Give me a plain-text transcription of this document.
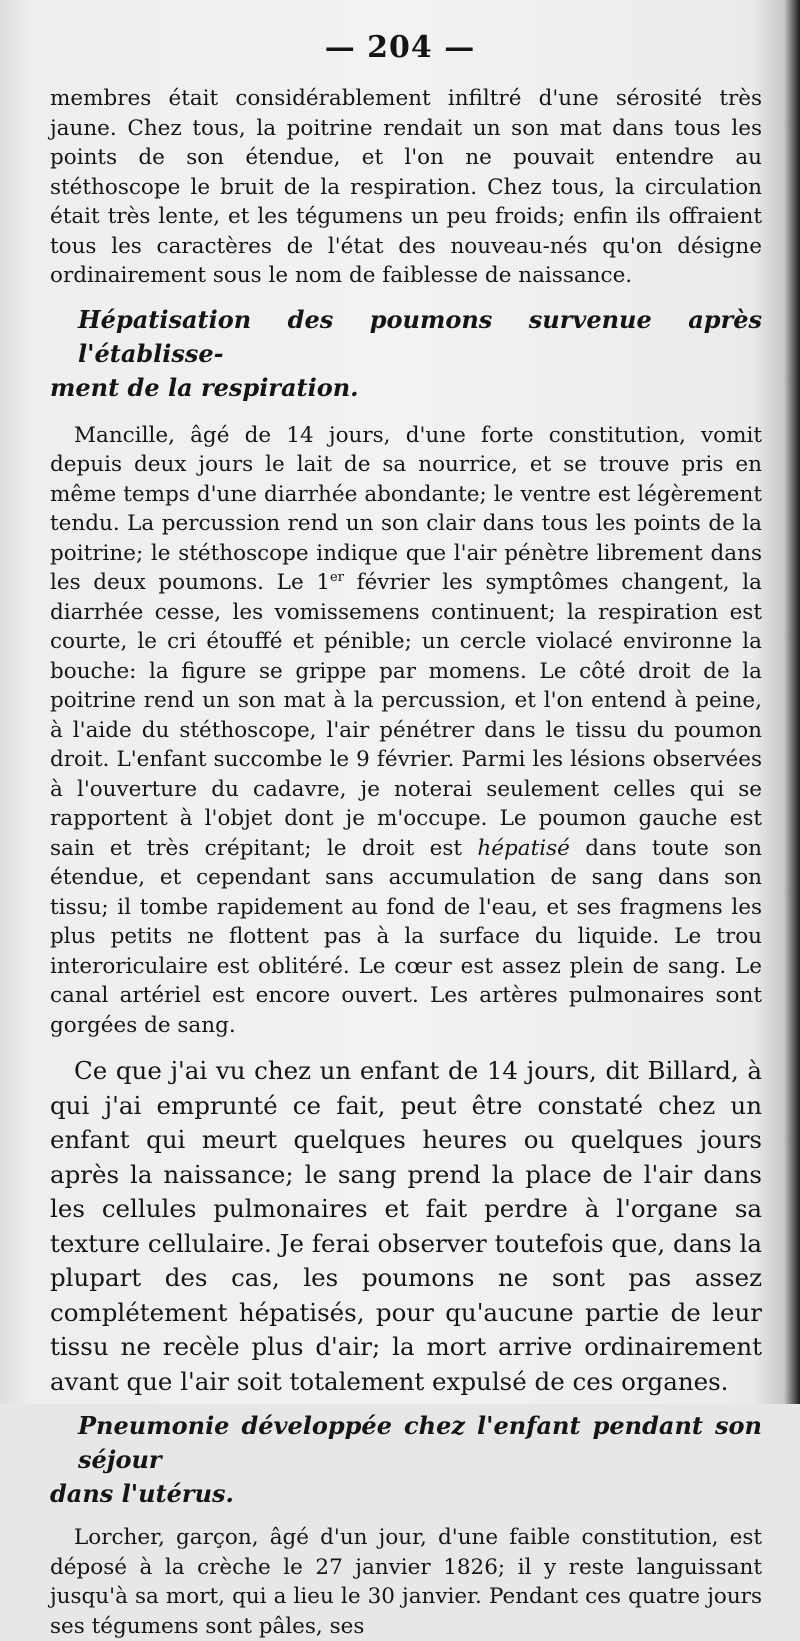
— 204 —

membres était considérablement infiltré d'une sérosité très jaune. Chez tous, la poitrine rendait un son mat dans tous les points de son étendue, et l'on ne pouvait entendre au stéthoscope le bruit de la respiration. Chez tous, la circulation était très lente, et les tégumens un peu froids; enfin ils offraient tous les caractères de l'état des nouveau-nés qu'on désigne ordinairement sous le nom de faiblesse de naissance.

Hépatisation des poumons survenue après l'établisse-
ment de la respiration.

Mancille, âgé de 14 jours, d'une forte constitution, vomit depuis deux jours le lait de sa nourrice, et se trouve pris en même temps d'une diarrhée abondante; le ventre est légèrement tendu. La percussion rend un son clair dans tous les points de la poitrine; le stéthoscope indique que l'air pénètre librement dans les deux poumons. Le 1er février les symptômes changent, la diarrhée cesse, les vomissemens continuent; la respiration est courte, le cri étouffé et pénible; un cercle violacé environne la bouche: la figure se grippe par momens. Le côté droit de la poitrine rend un son mat à la percussion, et l'on entend à peine, à l'aide du stéthoscope, l'air pénétrer dans le tissu du poumon droit. L'enfant succombe le 9 février. Parmi les lésions observées à l'ouverture du cadavre, je noterai seulement celles qui se rapportent à l'objet dont je m'occupe. Le poumon gauche est sain et très crépitant; le droit est hépatisé dans toute son étendue, et cependant sans accumulation de sang dans son tissu; il tombe rapidement au fond de l'eau, et ses fragmens les plus petits ne flottent pas à la surface du liquide. Le trou interoriculaire est oblitéré. Le cœur est assez plein de sang. Le canal artériel est encore ouvert. Les artères pulmonaires sont gorgées de sang.

Ce que j'ai vu chez un enfant de 14 jours, dit Billard, à qui j'ai emprunté ce fait, peut être constaté chez un enfant qui meurt quelques heures ou quelques jours après la naissance; le sang prend la place de l'air dans les cellules pulmonaires et fait perdre à l'organe sa texture cellulaire. Je ferai observer toutefois que, dans la plupart des cas, les poumons ne sont pas assez complétement hépatisés, pour qu'aucune partie de leur tissu ne recèle plus d'air; la mort arrive ordinairement avant que l'air soit totalement expulsé de ces organes.

Pneumonie développée chez l'enfant pendant son séjour
dans l'utérus.

Lorcher, garçon, âgé d'un jour, d'une faible constitution, est déposé à la crèche le 27 janvier 1826; il y reste languissant jusqu'à sa mort, qui a lieu le 30 janvier. Pendant ces quatre jours ses tégumens sont pâles, ses
